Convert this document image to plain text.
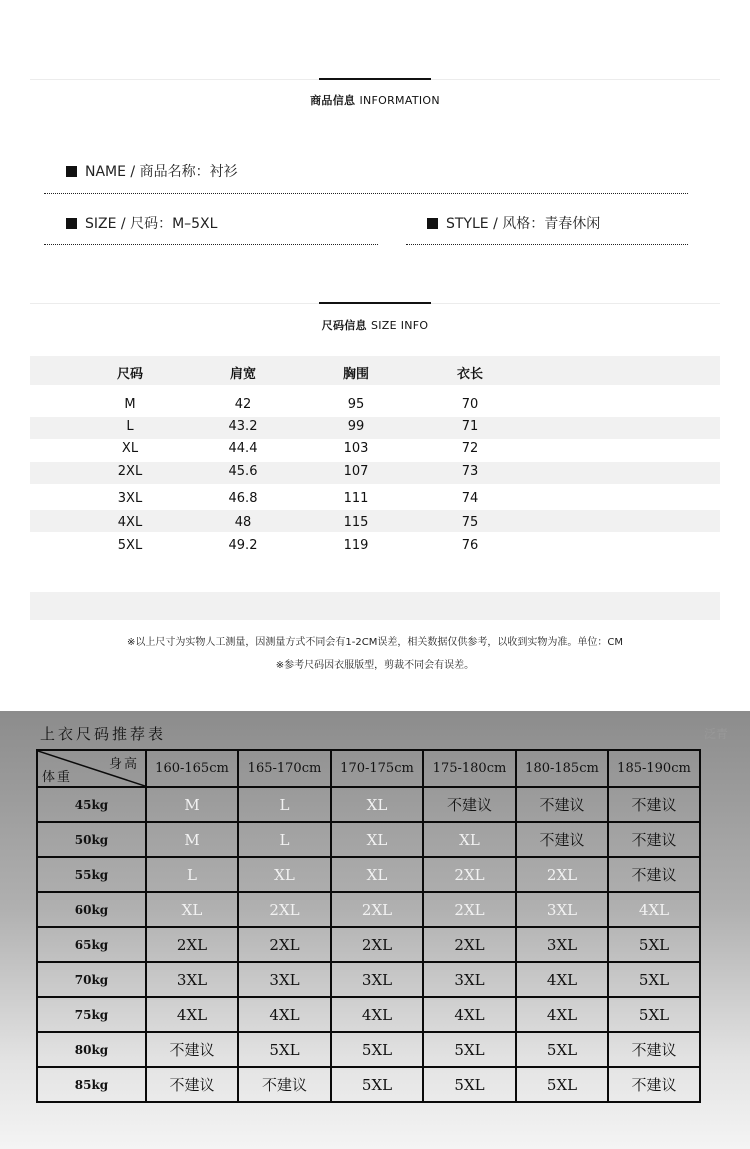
商品信息 INFORMATION
NAME / 商品名称：衬衫
SIZE / 尺码：M–5XL	STYLE / 风格：青春休闲
尺码信息 SIZE INFO
尺码	肩宽	胸围	衣长
M	42	95	70
L	43.2	99	71
XL	44.4	103	72
2XL	45.6	107	73
3XL	46.8	111	74
4XL	48	115	75
5XL	49.2	119	76
※以上尺寸为实物人工测量，因测量方式不同会有1-2CM误差，相关数据仅供参考，以收到实物为准。单位：CM
※参考尺码因衣服版型，剪裁不同会有误差。
上衣尺码推荐表	泛青
身高
体重	160-165cm	165-170cm	170-175cm	175-180cm	180-185cm	185-190cm
45kg	M	L	XL	不建议	不建议	不建议
50kg	M	L	XL	XL	不建议	不建议
55kg	L	XL	XL	2XL	2XL	不建议
60kg	XL	2XL	2XL	2XL	3XL	4XL
65kg	2XL	2XL	2XL	2XL	3XL	5XL
70kg	3XL	3XL	3XL	3XL	4XL	5XL
75kg	4XL	4XL	4XL	4XL	4XL	5XL
80kg	不建议	5XL	5XL	5XL	5XL	不建议
85kg	不建议	不建议	5XL	5XL	5XL	不建议
